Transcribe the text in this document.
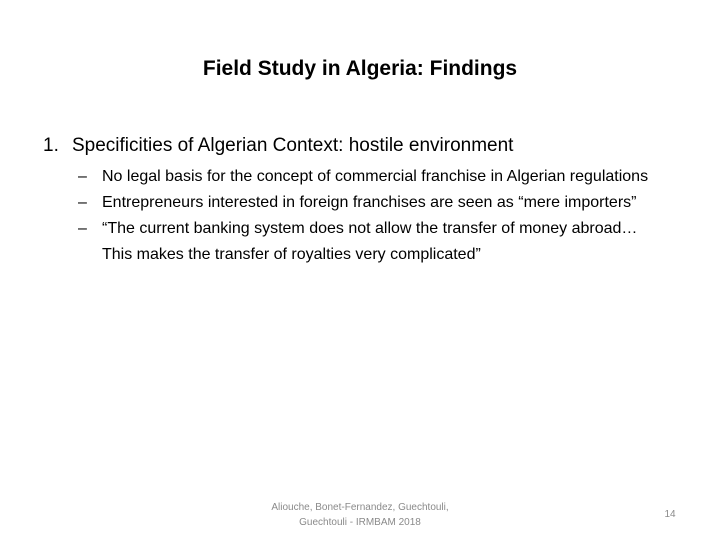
Field Study in Algeria: Findings
1. Specificities of Algerian Context: hostile environment
– No legal basis for the concept of commercial franchise in Algerian regulations
– Entrepreneurs interested in foreign franchises are seen as “mere importers”
– “The current banking system does not allow the transfer of money abroad… This makes the transfer of royalties very complicated”
Aliouche, Bonet-Fernandez, Guechtouli,
Guechtouli - IRMBAM 2018
14
